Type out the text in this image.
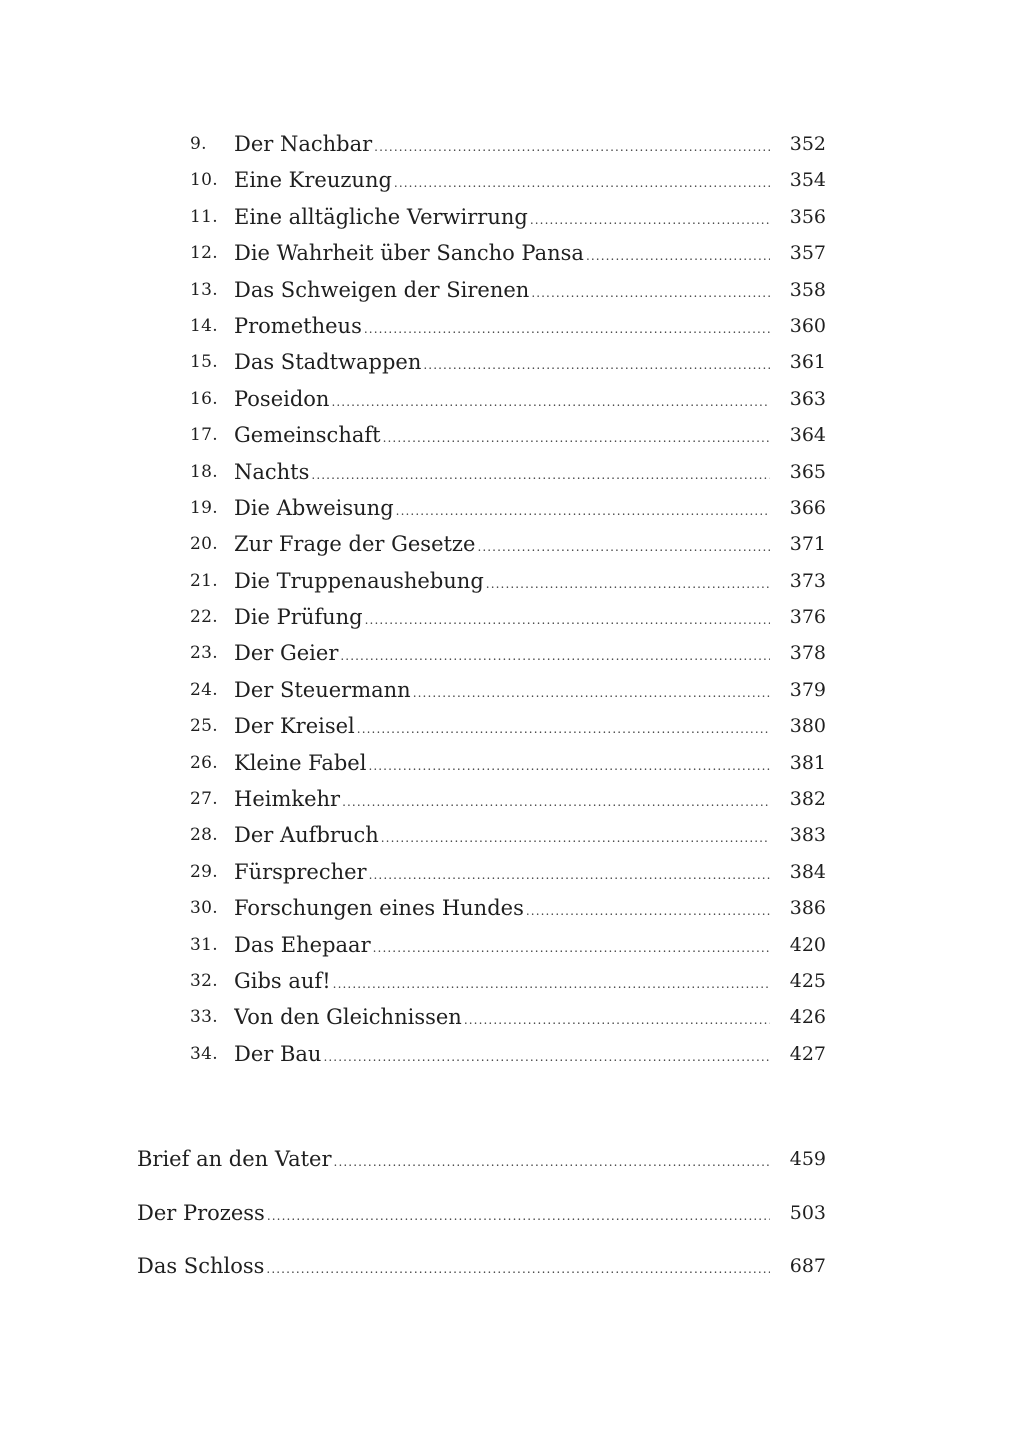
9. Der Nachbar .....	352
10. Eine Kreuzung .....	354
11. Eine alltägliche Verwirrung .....	356
12. Die Wahrheit über Sancho Pansa .....	357
13. Das Schweigen der Sirenen .....	358
14. Prometheus .....	360
15. Das Stadtwappen .....	361
16. Poseidon .....	363
17. Gemeinschaft .....	364
18. Nachts .....	365
19. Die Abweisung .....	366
20. Zur Frage der Gesetze .....	371
21. Die Truppenaushebung .....	373
22. Die Prüfung .....	376
23. Der Geier .....	378
24. Der Steuermann .....	379
25. Der Kreisel .....	380
26. Kleine Fabel .....	381
27. Heimkehr .....	382
28. Der Aufbruch .....	383
29. Fürsprecher .....	384
30. Forschungen eines Hundes .....	386
31. Das Ehepaar .....	420
32. Gibs auf! .....	425
33. Von den Gleichnissen .....	426
34. Der Bau .....	427
Brief an den Vater .....	459
Der Prozess .....	503
Das Schloss .....	687
